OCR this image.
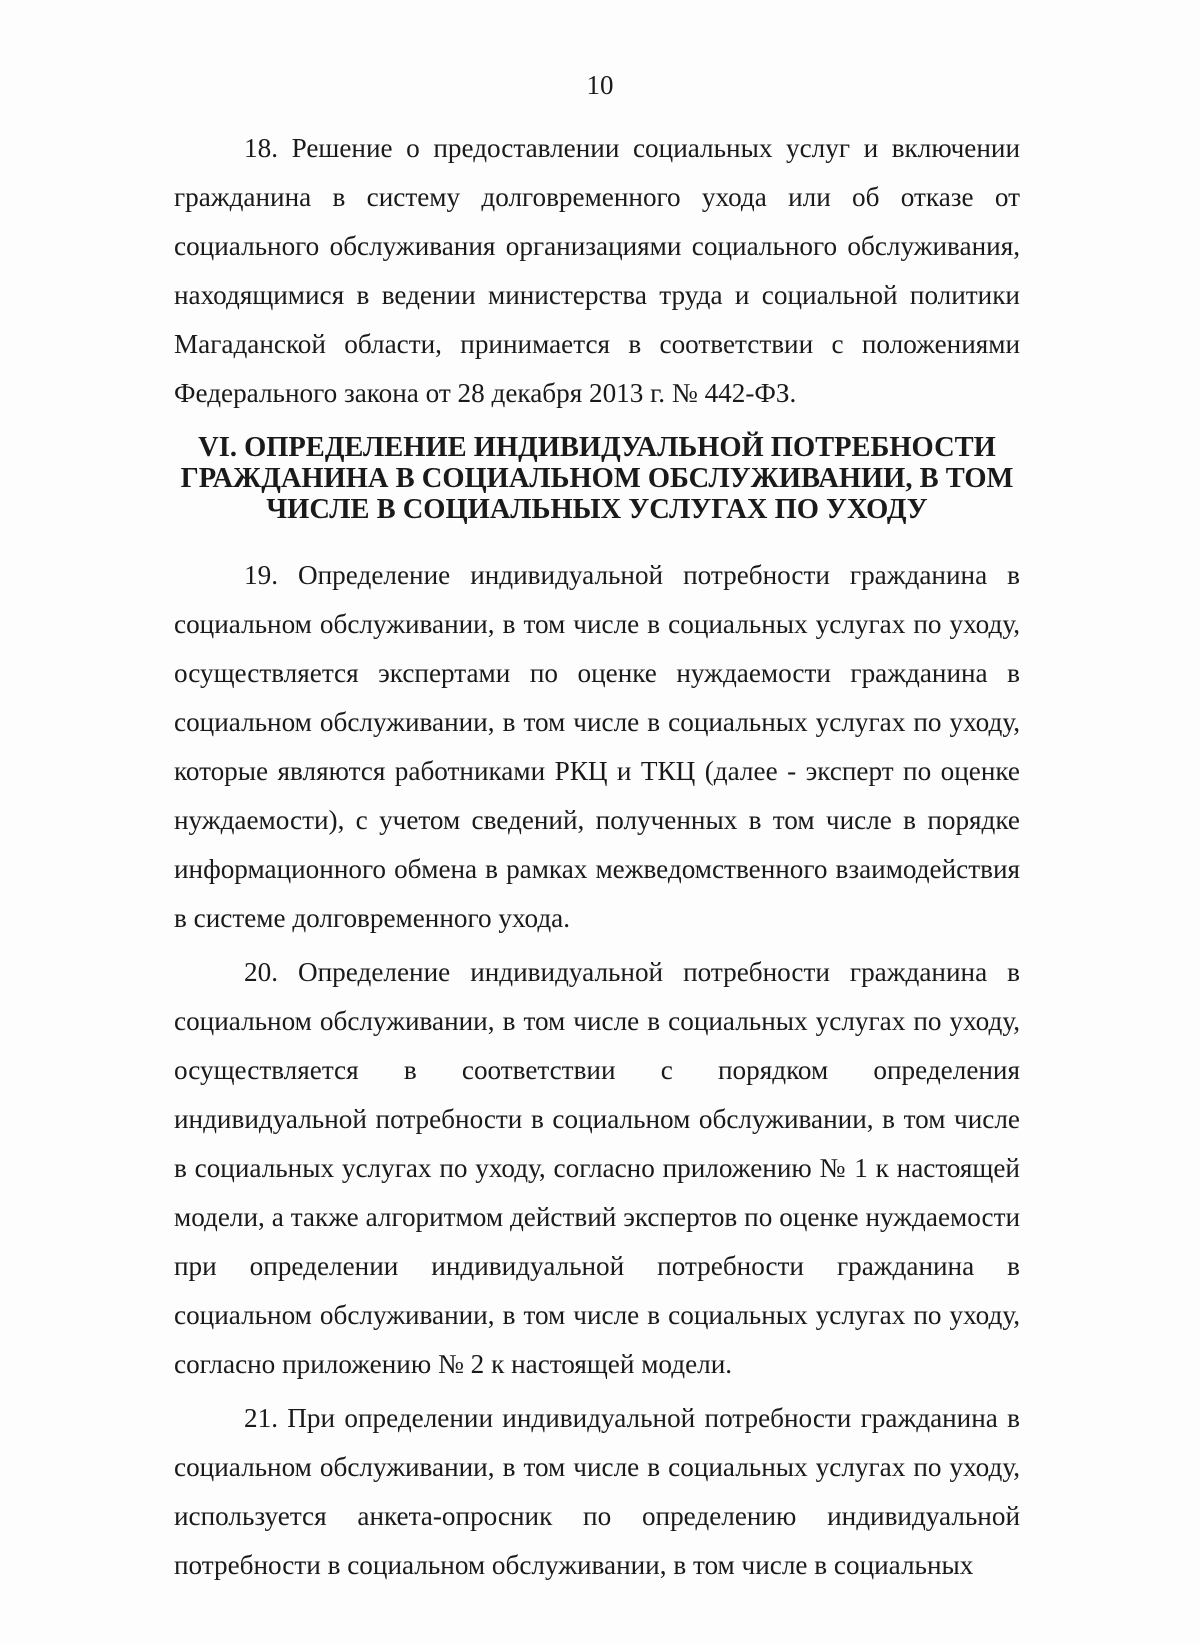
10

18. Решение о предоставлении социальных услуг и включении гражданина в систему долговременного ухода или об отказе от социального обслуживания организациями социального обслуживания, находящимися в ведении министерства труда и социальной политики Магаданской области, принимается в соответствии с положениями Федерального закона от 28 декабря 2013 г. № 442-ФЗ.

VI. ОПРЕДЕЛЕНИЕ ИНДИВИДУАЛЬНОЙ ПОТРЕБНОСТИ ГРАЖДАНИНА В СОЦИАЛЬНОМ ОБСЛУЖИВАНИИ, В ТОМ ЧИСЛЕ В СОЦИАЛЬНЫХ УСЛУГАХ ПО УХОДУ

19. Определение индивидуальной потребности гражданина в социальном обслуживании, в том числе в социальных услугах по уходу, осуществляется экспертами по оценке нуждаемости гражданина в социальном обслуживании, в том числе в социальных услугах по уходу, которые являются работниками РКЦ и ТКЦ (далее - эксперт по оценке нуждаемости), с учетом сведений, полученных в том числе в порядке информационного обмена в рамках межведомственного взаимодействия в системе долговременного ухода.

20. Определение индивидуальной потребности гражданина в социальном обслуживании, в том числе в социальных услугах по уходу, осуществляется в соответствии с порядком определения индивидуальной потребности в социальном обслуживании, в том числе в социальных услугах по уходу, согласно приложению № 1 к настоящей модели, а также алгоритмом действий экспертов по оценке нуждаемости при определении индивидуальной потребности гражданина в социальном обслуживании, в том числе в социальных услугах по уходу, согласно приложению № 2 к настоящей модели.

21. При определении индивидуальной потребности гражданина в социальном обслуживании, в том числе в социальных услугах по уходу, используется анкета-опросник по определению индивидуальной потребности в социальном обслуживании, в том числе в социальных
